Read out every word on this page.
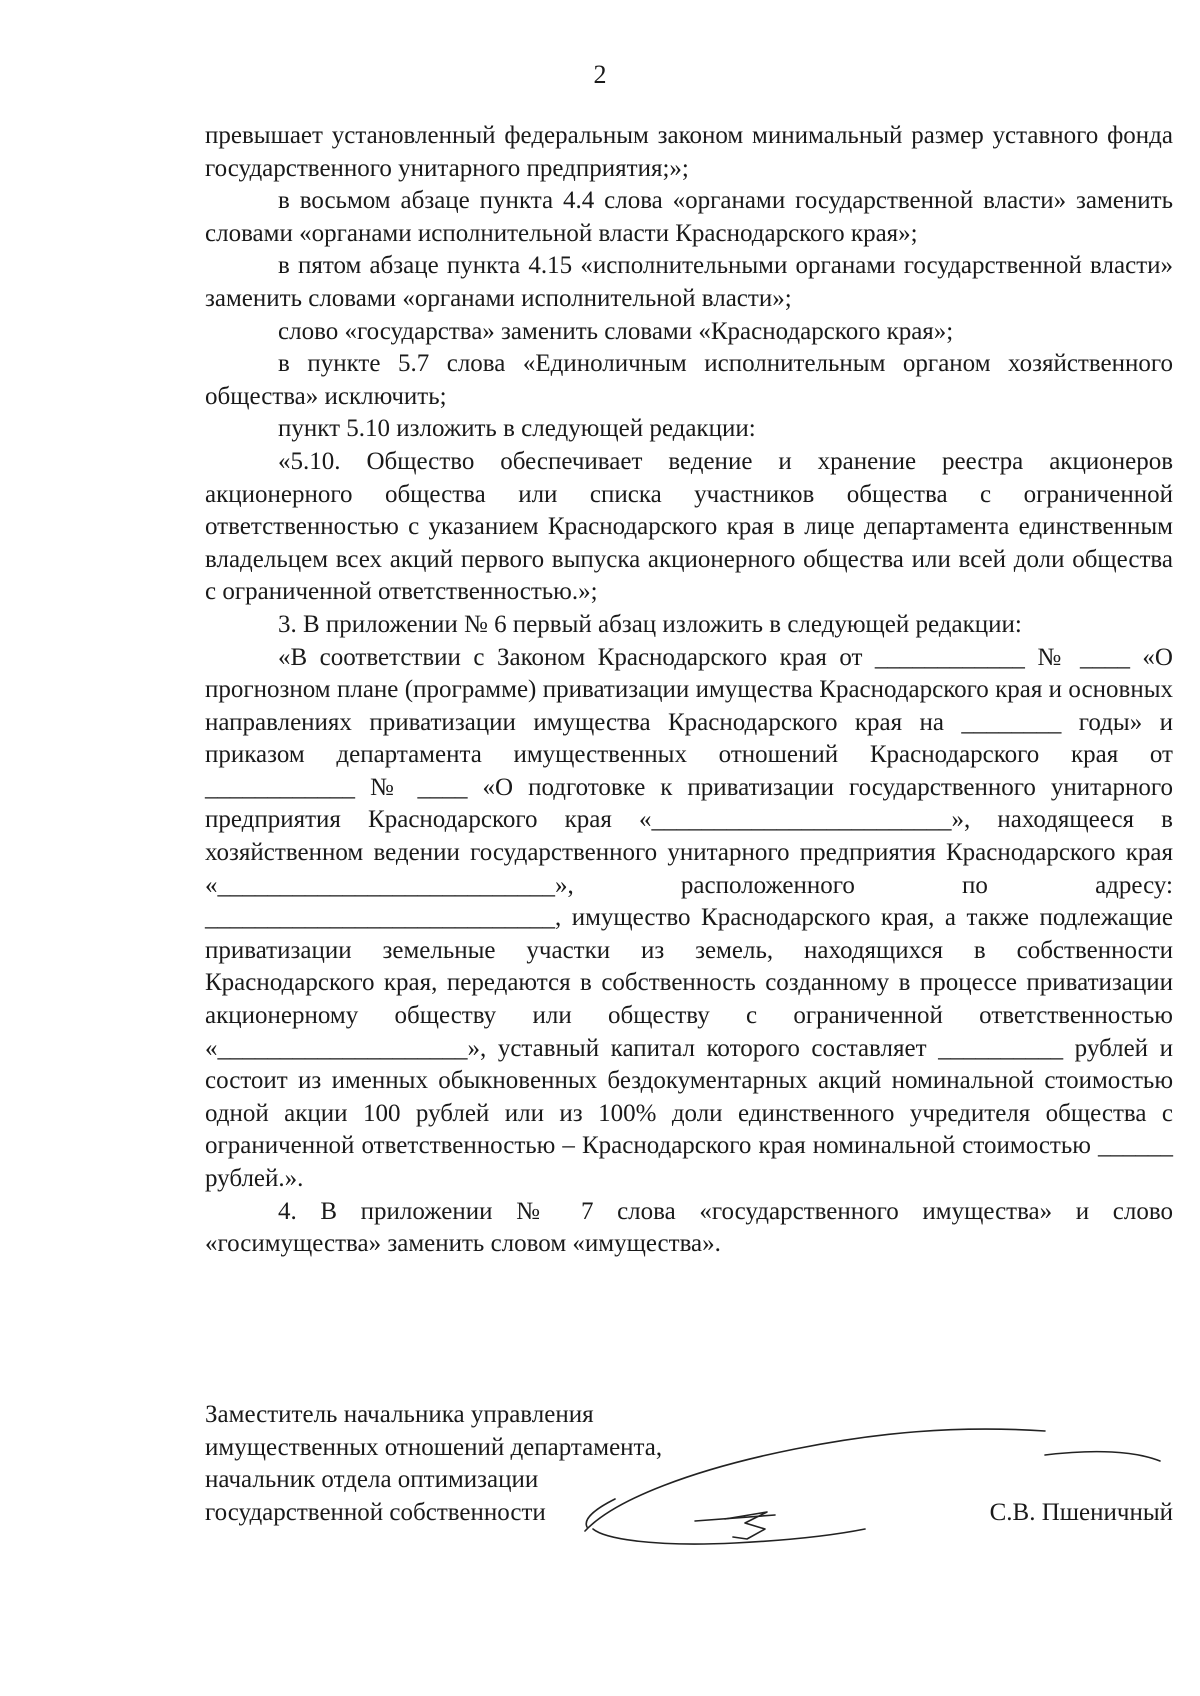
2

превышает установленный федеральным законом минимальный размер уставного фонда государственного унитарного предприятия;»;

в восьмом абзаце пункта 4.4 слова «органами государственной власти» заменить словами «органами исполнительной власти Краснодарского края»;

в пятом абзаце пункта 4.15 «исполнительными органами государственной власти» заменить словами «органами исполнительной власти»;

слово «государства» заменить словами «Краснодарского края»;

в пункте 5.7 слова «Единоличным исполнительным органом хозяйственного общества» исключить;

пункт 5.10 изложить в следующей редакции:

«5.10. Общество обеспечивает ведение и хранение реестра акционеров акционерного общества или списка участников общества с ограниченной ответственностью с указанием Краснодарского края в лице департамента единственным владельцем всех акций первого выпуска акционерного общества или всей доли общества с ограниченной ответственностью.»;

3. В приложении № 6 первый абзац изложить в следующей редакции:

«В соответствии с Законом Краснодарского края от ____________ № ____ «О прогнозном плане (программе) приватизации имущества Краснодарского края и основных направлениях приватизации имущества Краснодарского края на ________ годы» и приказом департамента имущественных отношений Краснодарского края от ____________ № ____ «О подготовке к приватизации государственного унитарного предприятия Краснодарского края «________________________», находящееся в хозяйственном ведении государственного унитарного предприятия Краснодарского края «___________________________», расположенного по адресу: ____________________________, имущество Краснодарского края, а также подлежащие приватизации земельные участки из земель, находящихся в собственности Краснодарского края, передаются в собственность созданному в процессе приватизации акционерному обществу или обществу с ограниченной ответственностью «____________________», уставный капитал которого составляет __________ рублей и состоит из именных обыкновенных бездокументарных акций номинальной стоимостью одной акции 100 рублей или из 100% доли единственного учредителя общества с ограниченной ответственностью – Краснодарского края номинальной стоимостью ______ рублей.».

4. В приложении № 7 слова «государственного имущества» и слово «госимущества» заменить словом «имущества».

Заместитель начальника управления
имущественных отношений департамента,
начальник отдела оптимизации
государственной собственности	С.В. Пшеничный
